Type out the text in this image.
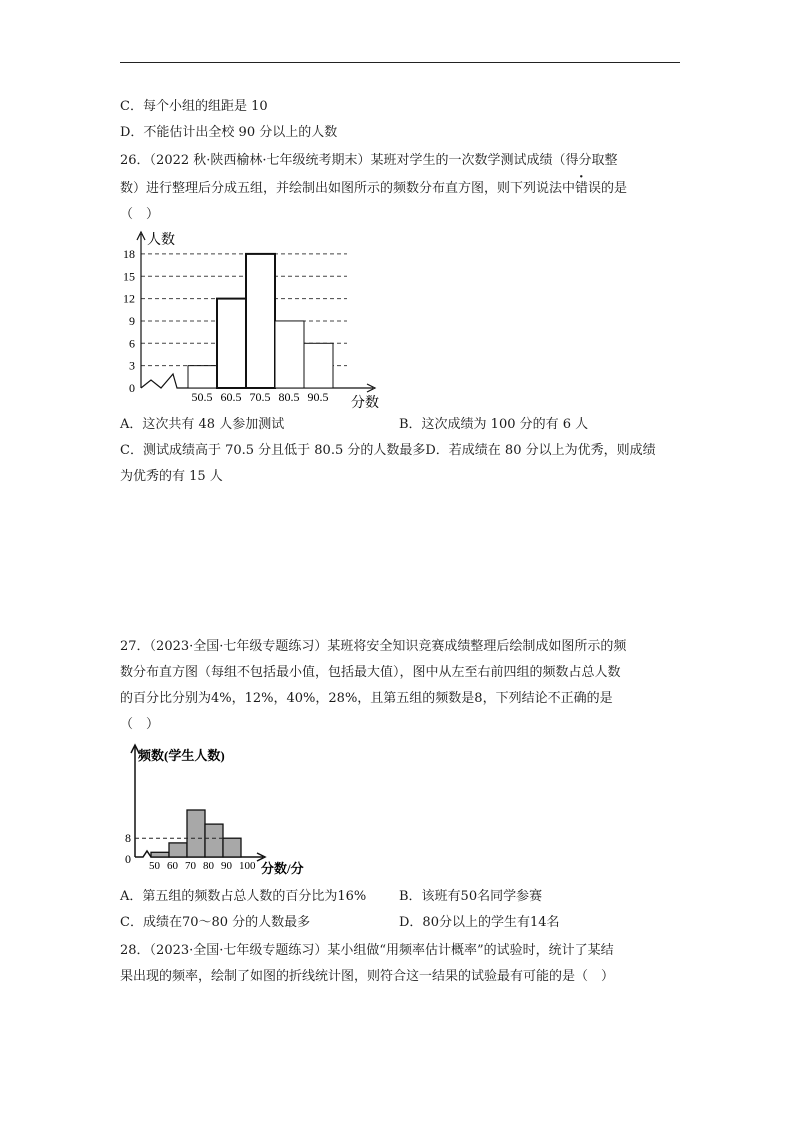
C．每个小组的组距是 10
D．不能估计出全校 90 分以上的人数
26．（2022 秋·陕西榆林·七年级统考期末）某班对学生的一次数学测试成绩（得分取整
数）进行整理后分成五组，并绘制出如图所示的频数分布直方图，则下列说法中错误的是
（　）
人数
分数
0
3
6
9
12
15
18
50.5 60.5 70.5 80.5 90.5
A．这次共有 48 人参加测试	B．这次成绩为 100 分的有 6 人
C．测试成绩高于 70.5 分且低于 80.5 分的人数最多D．若成绩在 80 分以上为优秀，则成绩
为优秀的有 15 人
27．（2023·全国·七年级专题练习）某班将安全知识竞赛成绩整理后绘制成如图所示的频
数分布直方图（每组不包括最小值，包括最大值），图中从左至右前四组的频数占总人数
的百分比分别为4%，12%，40%，28%，且第五组的频数是8，下列结论不正确的是
（　）
频数(学生人数)
分数/分
0
8
50 60 70 80 90 100
A．第五组的频数占总人数的百分比为16%	B．该班有50名同学参赛
C．成绩在70～80 分的人数最多	D．80分以上的学生有14名
28．（2023·全国·七年级专题练习）某小组做“用频率估计概率”的试验时，统计了某结
果出现的频率，绘制了如图的折线统计图，则符合这一结果的试验最有可能的是（　）
